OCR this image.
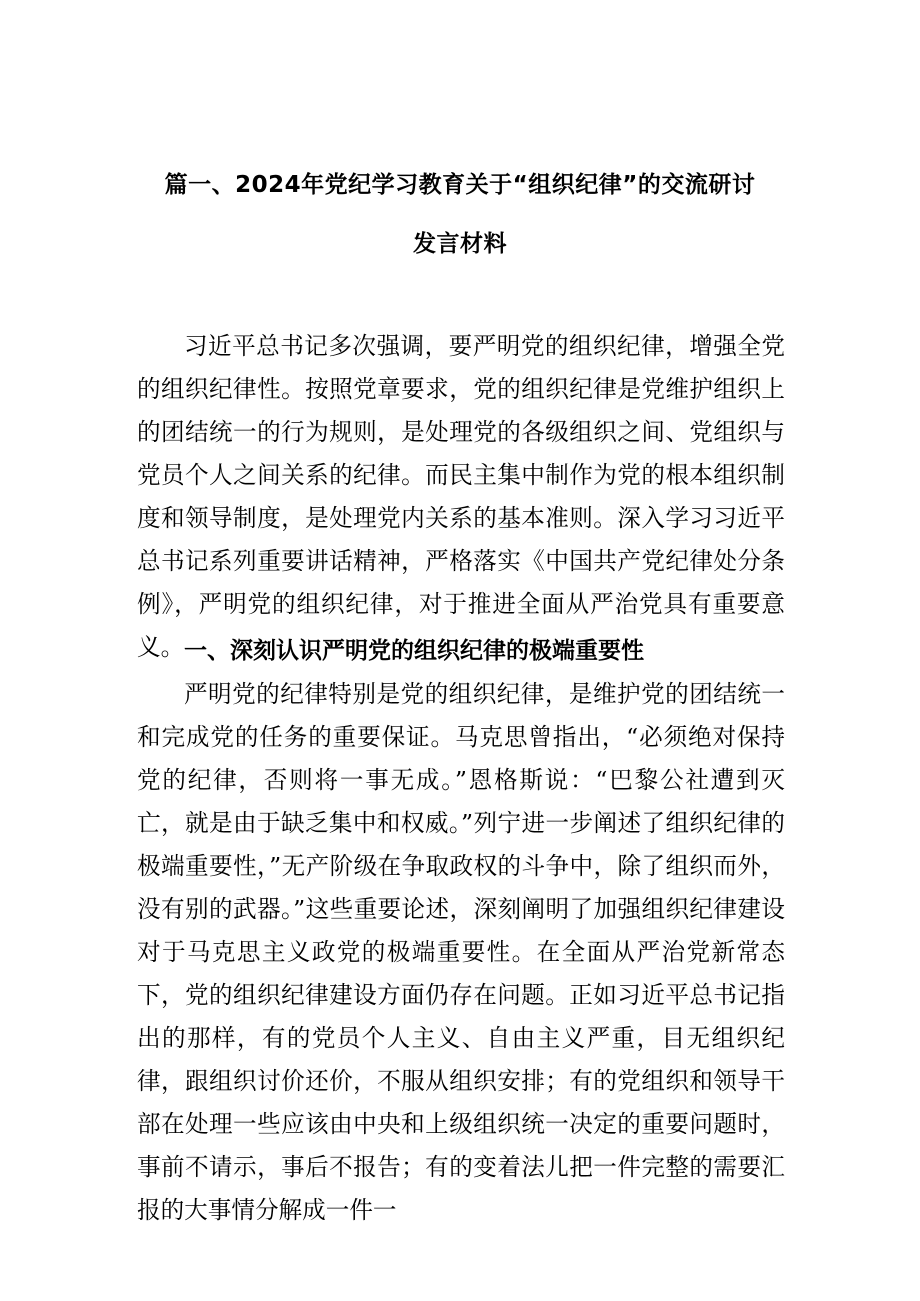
篇一、2024年党纪学习教育关于“组织纪律”的交流研讨
发言材料
习近平总书记多次强调，要严明党的组织纪律，增强全党的组织纪律性。按照党章要求，党的组织纪律是党维护组织上的团结统一的行为规则，是处理党的各级组织之间、党组织与党员个人之间关系的纪律。而民主集中制作为党的根本组织制度和领导制度，是处理党内关系的基本准则。深入学习习近平总书记系列重要讲话精神，严格落实《中国共产党纪律处分条例》，严明党的组织纪律，对于推进全面从严治党具有重要意义。 一、深刻认识严明党的组织纪律的极端重要性
严明党的纪律特别是党的组织纪律，是维护党的团结统一和完成党的任务的重要保证。马克思曾指出，“必须绝对保持党的纪律，否则将一事无成。”恩格斯说：“巴黎公社遭到灭亡，就是由于缺乏集中和权威。”列宁进一步阐述了组织纪律的极端重要性，”无产阶级在争取政权的斗争中，除了组织而外，没有别的武器。”这些重要论述，深刻阐明了加强组织纪律建设对于马克思主义政党的极端重要性。在全面从严治党新常态下，党的组织纪律建设方面仍存在问题。正如习近平总书记指出的那样，有的党员个人主义、自由主义严重，目无组织纪律，跟组织讨价还价，不服从组织安排；有的党组织和领导干部在处理一些应该由中央和上级组织统一决定的重要问题时，事前不请示，事后不报告；有的变着法儿把一件完整的需要汇报的大事情分解成一件一
